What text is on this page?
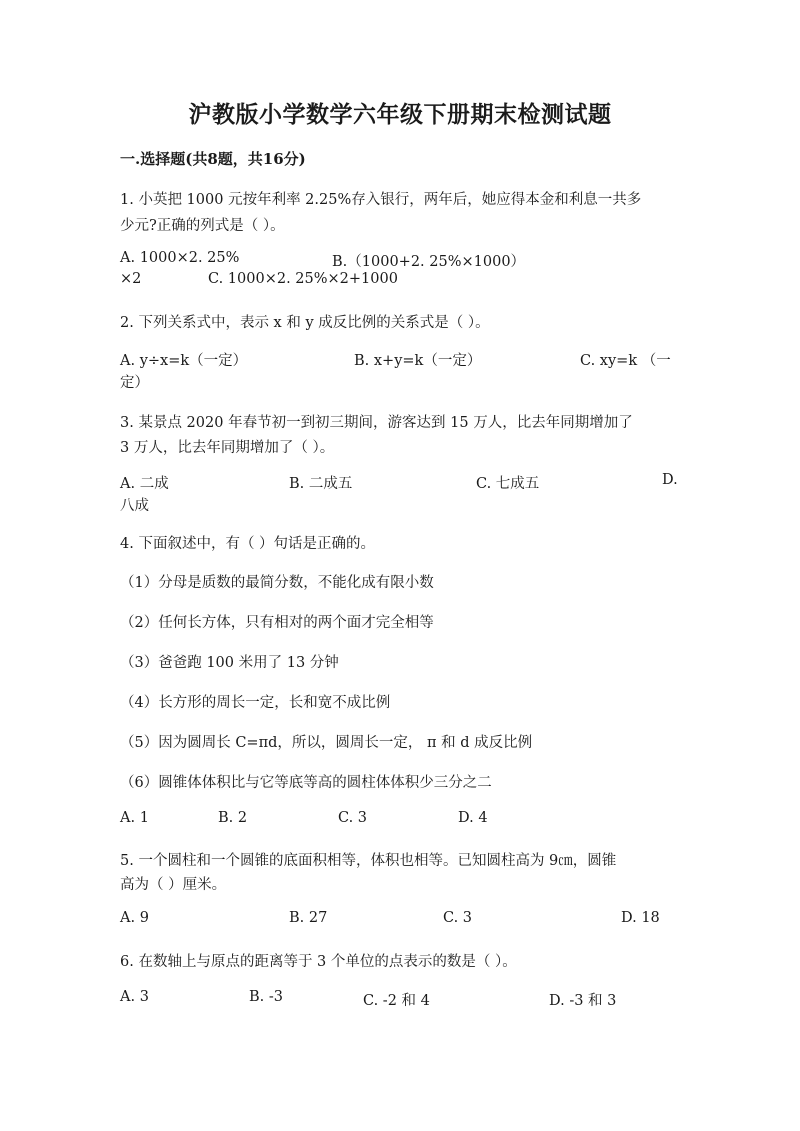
沪教版小学数学六年级下册期末检测试题
一.选择题(共8题，共16分)
1. 小英把 1000 元按年利率 2.25%存入银行，两年后，她应得本金和利息一共多
少元?正确的列式是（ ）。
A. 1000×2. 25%	B.（1000+2. 25%×1000）
×2	C. 1000×2. 25%×2+1000
2. 下列关系式中，表示 x 和 y 成反比例的关系式是（ ）。
A. y÷x=k（一定）	B. x+y=k（一定）	C. xy=k （一
定）
3. 某景点 2020 年春节初一到初三期间，游客达到 15 万人，比去年同期增加了
3 万人，比去年同期增加了（ ）。
A. 二成	B. 二成五	C. 七成五	D.
八成
4. 下面叙述中，有（ ）句话是正确的。
（1）分母是质数的最简分数，不能化成有限小数
（2）任何长方体，只有相对的两个面才完全相等
（3）爸爸跑 100 米用了 13 分钟
（4）长方形的周长一定，长和宽不成比例
（5）因为圆周长 C=πd，所以，圆周长一定， π 和 d 成反比例
（6）圆锥体体积比与它等底等高的圆柱体体积少三分之二
A. 1	B. 2	C. 3	D. 4
5. 一个圆柱和一个圆锥的底面积相等，体积也相等。已知圆柱高为 9㎝，圆锥
高为（ ）厘米。
A. 9	B. 27	C. 3	D. 18
6. 在数轴上与原点的距离等于 3 个单位的点表示的数是（ ）。
A. 3	B. -3	C. -2 和 4	D. -3 和 3
